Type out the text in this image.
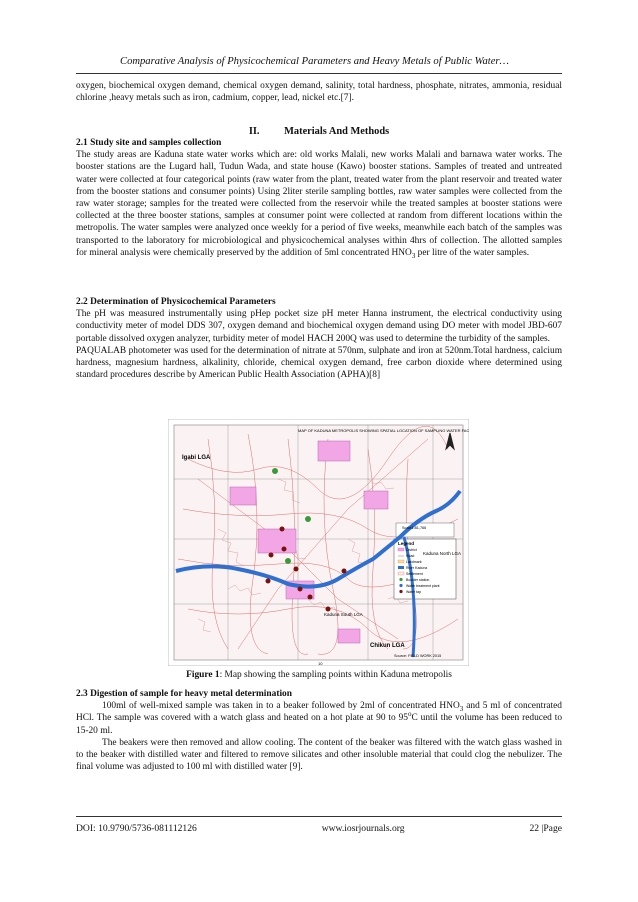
Comparative Analysis of Physicochemical Parameters and Heavy Metals of Public Water…

oxygen, biochemical oxygen demand, chemical oxygen demand, salinity, total hardness, phosphate, nitrates, ammonia, residual chlorine ,heavy metals such as iron, cadmium, copper, lead, nickel etc.[7].

II. Materials And Methods

2.1 Study site and samples collection

The study areas are Kaduna state water works which are: old works Malali, new works Malali and barnawa water works. The booster stations are the Lugard hall, Tudun Wada, and state house (Kawo) booster stations. Samples of treated and untreated water were collected at four categorical points (raw water from the plant, treated water from the plant reservoir and treated water from the booster stations and consumer points) Using 2liter sterile sampling bottles, raw water samples were collected from the raw water storage; samples for the treated were collected from the reservoir while the treated samples at booster stations were collected at the three booster stations, samples at consumer point were collected at random from different locations within the metropolis. The water samples were analyzed once weekly for a period of five weeks, meanwhile each batch of the samples was transported to the laboratory for microbiological and physicochemical analyses within 4hrs of collection. The allotted samples for mineral analysis were chemically preserved by the addition of 5ml concentrated $HNO_3$ per litre of the water samples.

2.2 Determination of Physicochemical Parameters

The pH was measured instrumentally using pHep pocket size pH meter Hanna instrument, the electrical conductivity using conductivity meter of model DDS 307, oxygen demand and biochemical oxygen demand using DO meter with model JBD-607 portable dissolved oxygen analyzer, turbidity meter of model HACH 200Q was used to determine the turbidity of the samples.

PAQUALAB photometer was used for the determination of nitrate at 570nm, sulphate and iron at 520nm.Total hardness, calcium hardness, magnesium hardness, alkalinity, chloride, chemical oxygen demand, free carbon dioxide where determined using standard procedures describe by American Public Health Association (APHA)[8]

MAP OF KADUNA METROPOLIS SHOWING SPATIAL LOCATION OF SAMPLING WATER FACILITIES
Igabi LGA
Kaduna North LGA
Kaduna South LGA
Chikun LGA
Legend
District
Road
Landmark
River Kaduna
Settlement
Booster station
Water treatment plant
Water tap
Scale1:81,766
Source: FIELD WORK 2015
10
Figure 1: Map showing the sampling points within Kaduna metropolis

2.3 Digestion of sample for heavy metal determination

100ml of well-mixed sample was taken in to a beaker followed by 2ml of concentrated $HNO_3$ and 5 ml of concentrated HCl. The sample was covered with a watch glass and heated on a hot plate at 90 to 95$^o$C until the volume has been reduced to 15-20 ml.

The beakers were then removed and allow cooling. The content of the beaker was filtered with the watch glass washed in to the beaker with distilled water and filtered to remove silicates and other insoluble material that could clog the nebulizer. The final volume was adjusted to 100 ml with distilled water [9].

DOI: 10.9790/5736-081112126	www.iosrjournals.org	22 |Page
